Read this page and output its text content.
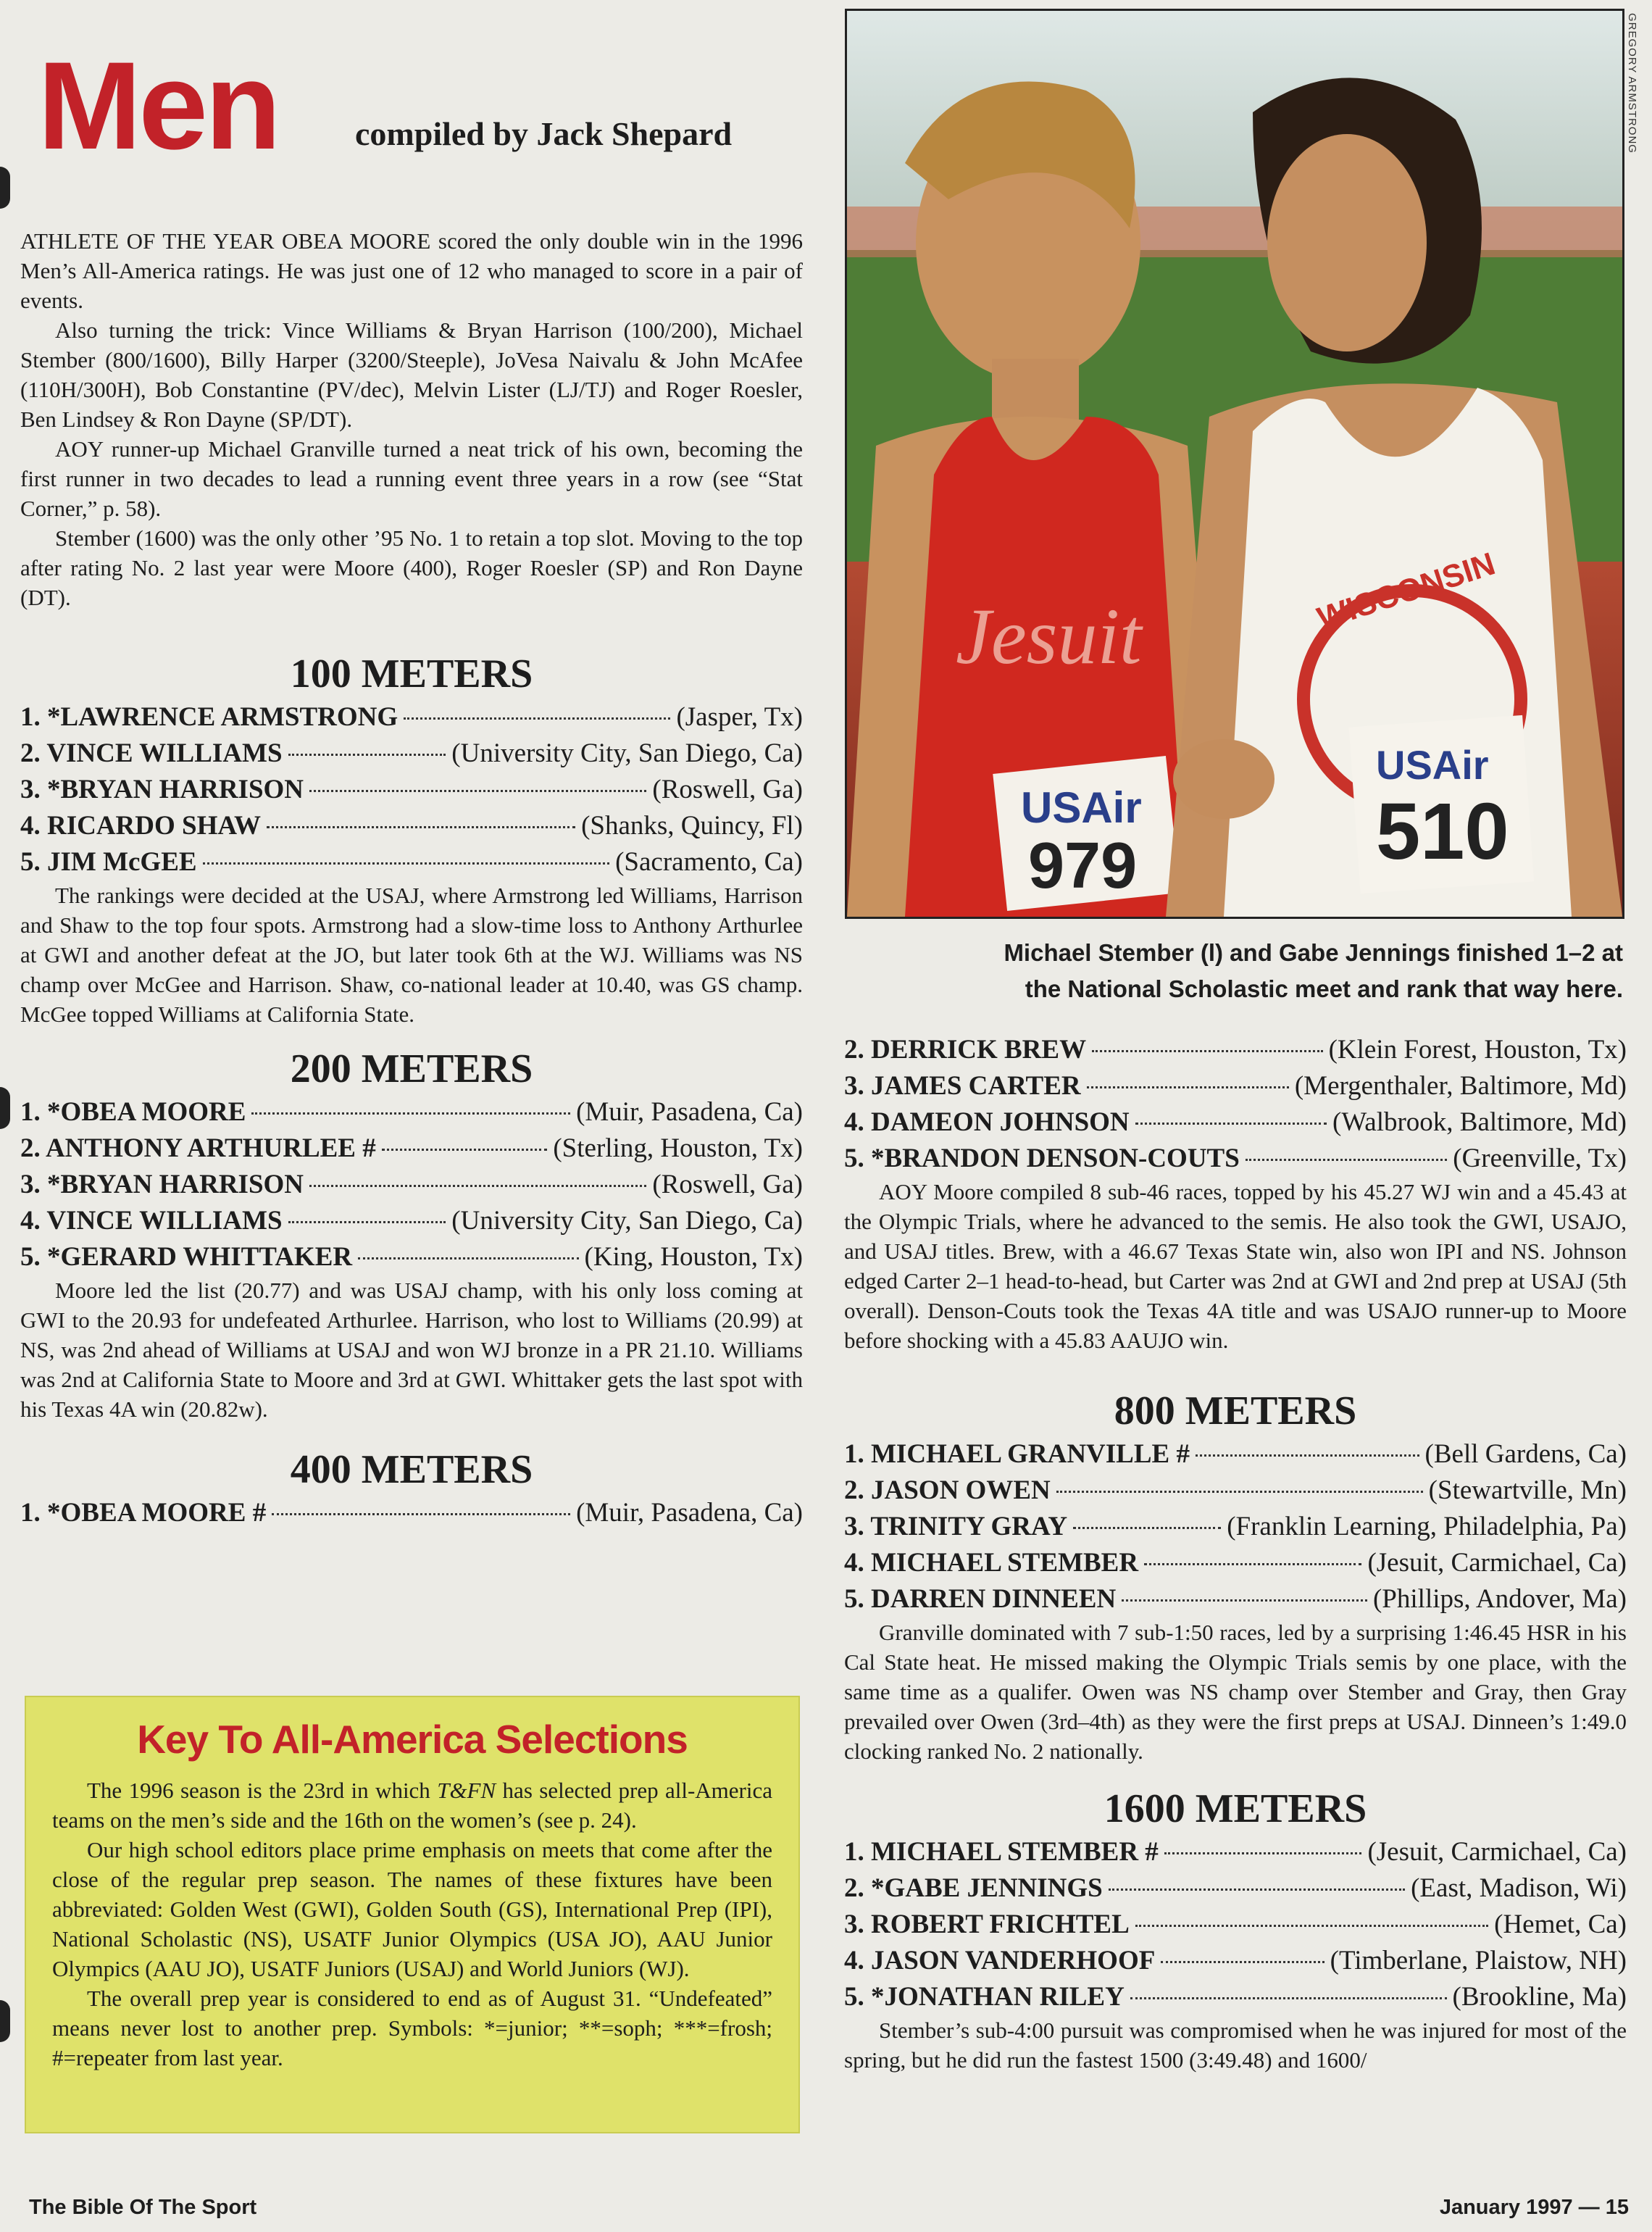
Men compiled by Jack Shepard

ATHLETE OF THE YEAR OBEA MOORE scored the only double win in the 1996 Men’s All-America ratings. He was just one of 12 who managed to score in a pair of events.

Also turning the trick: Vince Williams & Bryan Harrison (100/200), Michael Stember (800/1600), Billy Harper (3200/Steeple), JoVesa Naivalu & John McAfee (110H/300H), Bob Constantine (PV/dec), Melvin Lister (LJ/TJ) and Roger Roesler, Ben Lindsey & Ron Dayne (SP/DT).

AOY runner-up Michael Granville turned a neat trick of his own, becoming the first runner in two decades to lead a running event three years in a row (see “Stat Corner,” p. 58).

Stember (1600) was the only other ’95 No. 1 to retain a top slot. Moving to the top after rating No. 2 last year were Moore (400), Roger Roesler (SP) and Ron Dayne (DT).

100 METERS

1. *LAWRENCE ARMSTRONG	(Jasper, Tx)
2. VINCE WILLIAMS	(University City, San Diego, Ca)
3. *BRYAN HARRISON	(Roswell, Ga)
4. RICARDO SHAW	(Shanks, Quincy, Fl)
5. JIM McGEE	(Sacramento, Ca)

The rankings were decided at the USAJ, where Armstrong led Williams, Harrison and Shaw to the top four spots. Armstrong had a slow-time loss to Anthony Arthurlee at GWI and another defeat at the JO, but later took 6th at the WJ. Williams was NS champ over McGee and Harrison. Shaw, co-national leader at 10.40, was GS champ. McGee topped Williams at California State.

200 METERS

1. *OBEA MOORE	(Muir, Pasadena, Ca)
2. ANTHONY ARTHURLEE #	(Sterling, Houston, Tx)
3. *BRYAN HARRISON	(Roswell, Ga)
4. VINCE WILLIAMS	(University City, San Diego, Ca)
5. *GERARD WHITTAKER	(King, Houston, Tx)

Moore led the list (20.77) and was USAJ champ, with his only loss coming at GWI to the 20.93 for undefeated Arthurlee. Harrison, who lost to Williams (20.99) at NS, was 2nd ahead of Williams at USAJ and won WJ bronze in a PR 21.10. Williams was 2nd at California State to Moore and 3rd at GWI. Whittaker gets the last spot with his Texas 4A win (20.82w).

400 METERS

1. *OBEA MOORE #	(Muir, Pasadena, Ca)
Key To All-America Selections

The 1996 season is the 23rd in which T&FN has selected prep all-America teams on the men’s side and the 16th on the women’s (see p. 24).

Our high school editors place prime emphasis on meets that come after the close of the regular prep season. The names of these fixtures have been abbreviated: Golden West (GWI), Golden South (GS), International Prep (IPI), National Scholastic (NS), USATF Junior Olympics (USA JO), AAU Junior Olympics (AAU JO), USATF Juniors (USAJ) and World Juniors (WJ).

The overall prep year is considered to end as of August 31. “Undefeated” means never lost to another prep. Symbols: *=junior; **=soph; ***=frosh; #=repeater from last year.

Jesuit
USAir
979
WISCONSIN
USAir
510
GREGORY ARMSTRONG
Michael Stember (l) and Gabe Jennings finished 1–2 at
the National Scholastic meet and rank that way here.
2. DERRICK BREW	(Klein Forest, Houston, Tx)
3. JAMES CARTER	(Mergenthaler, Baltimore, Md)
4. DAMEON JOHNSON	(Walbrook, Baltimore, Md)
5. *BRANDON DENSON-COUTS	(Greenville, Tx)

AOY Moore compiled 8 sub-46 races, topped by his 45.27 WJ win and a 45.43 at the Olympic Trials, where he advanced to the semis. He also took the GWI, USAJO, and USAJ titles. Brew, with a 46.67 Texas State win, also won IPI and NS. Johnson edged Carter 2–1 head-to-head, but Carter was 2nd at GWI and 2nd prep at USAJ (5th overall). Denson-Couts took the Texas 4A title and was USAJO runner-up to Moore before shocking with a 45.83 AAUJO win.

800 METERS

1. MICHAEL GRANVILLE #	(Bell Gardens, Ca)
2. JASON OWEN	(Stewartville, Mn)
3. TRINITY GRAY	(Franklin Learning, Philadelphia, Pa)
4. MICHAEL STEMBER	(Jesuit, Carmichael, Ca)
5. DARREN DINNEEN	(Phillips, Andover, Ma)

Granville dominated with 7 sub-1:50 races, led by a surprising 1:46.45 HSR in his Cal State heat. He missed making the Olympic Trials semis by one place, with the same time as a qualifer. Owen was NS champ over Stember and Gray, then Gray prevailed over Owen (3rd–4th) as they were the first preps at USAJ. Dinneen’s 1:49.0 clocking ranked No. 2 nationally.

1600 METERS

1. MICHAEL STEMBER #	(Jesuit, Carmichael, Ca)
2. *GABE JENNINGS	(East, Madison, Wi)
3. ROBERT FRICHTEL	(Hemet, Ca)
4. JASON VANDERHOOF	(Timberlane, Plaistow, NH)
5. *JONATHAN RILEY	(Brookline, Ma)

Stember’s sub-4:00 pursuit was compromised when he was injured for most of the spring, but he did run the fastest 1500 (3:49.48) and 1600/

The Bible Of The Sport	January 1997 — 15
